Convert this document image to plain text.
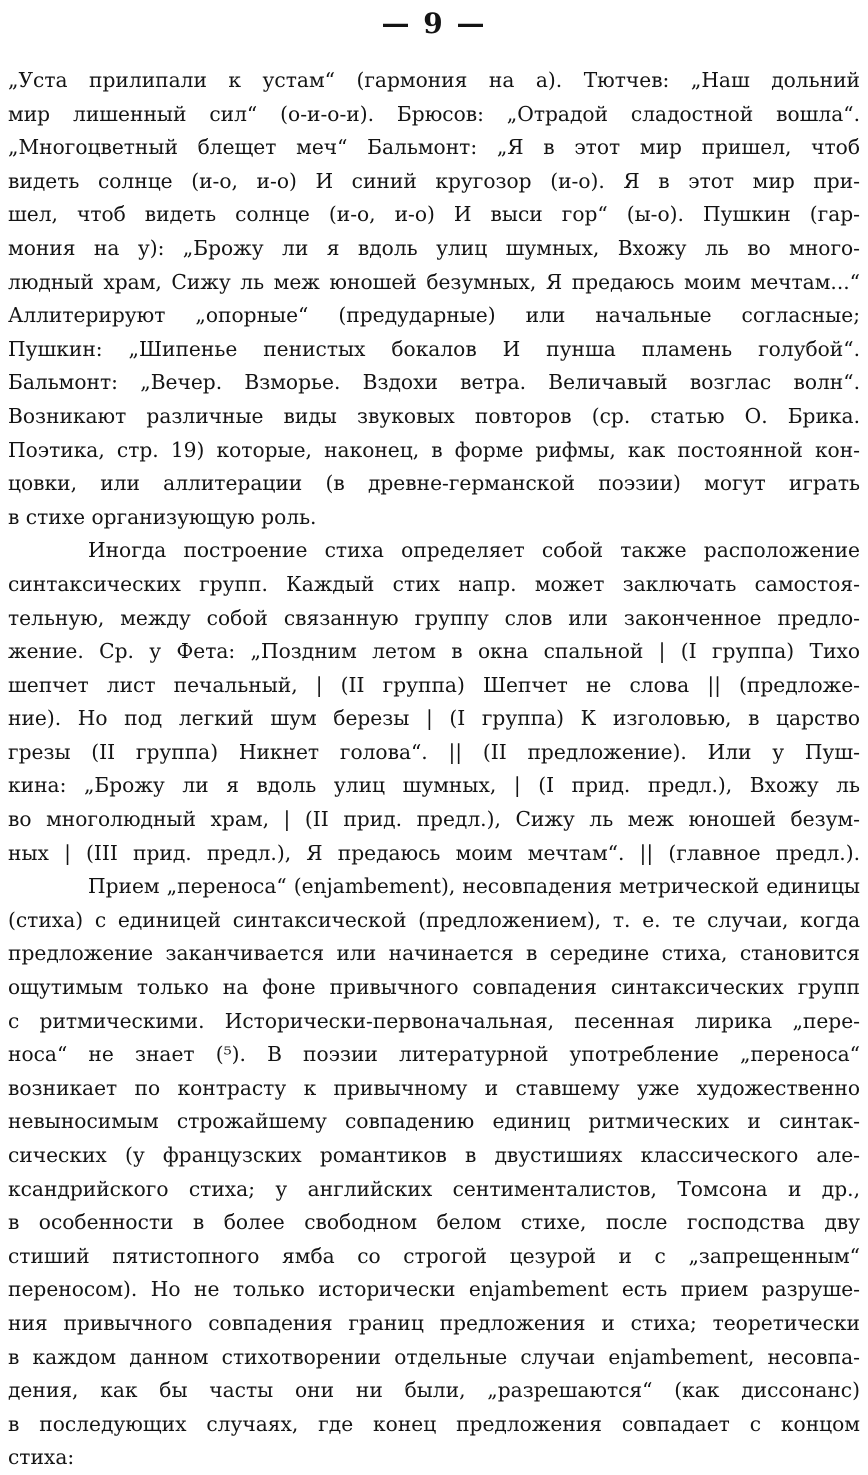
— 9 —
„Уста прилипали к устам“ (гармония на а). Тютчев: „Наш дольний
мир лишенный сил“ (о-и-о-и). Брюсов: „Отрадой сладостной вошла“.
„Многоцветный блещет меч“ Бальмонт: „Я в этот мир пришел, чтоб
видеть солнце (и-о, и-о) И синий кругозор (и-о). Я в этот мир при-
шел, чтоб видеть солнце (и-о, и-о) И выси гор“ (ы-о). Пушкин (гар-
мония на у): „Брожу ли я вдоль улиц шумных, Вхожу ль во много-
людный храм, Сижу ль меж юношей безумных, Я предаюсь моим мечтам...“
Аллитерируют „опорные“ (предударные) или начальные согласные;
Пушкин: „Шипенье пенистых бокалов И пунша пламень голубой“.
Бальмонт: „Вечер. Взморье. Вздохи ветра. Величавый возглас волн“.
Возникают различные виды звуковых повторов (ср. статью О. Брика.
Поэтика, стр. 19) которые, наконец, в форме рифмы, как постоянной кон-
цовки, или аллитерации (в древне-германской поэзии) могут играть
в стихе организующую роль.
Иногда построение стиха определяет собой также расположение
синтаксических групп. Каждый стих напр. может заключать самостоя-
тельную, между собой связанную группу слов или законченное предло-
жение. Ср. у Фета: „Поздним летом в окна спальной | (I группа) Тихо
шепчет лист печальный, | (II группа) Шепчет не слова || (предложе-
ние). Но под легкий шум березы | (I группа) К изголовью, в царство
грезы (II группа) Никнет голова“. || (II предложение). Или у Пуш-
кина: „Брожу ли я вдоль улиц шумных, | (I прид. предл.), Вхожу ль
во многолюдный храм, | (II прид. предл.), Сижу ль меж юношей безум-
ных | (III прид. предл.), Я предаюсь моим мечтам“. || (главное предл.).
Прием „переноса“ (enjambement), несовпадения метрической единицы
(стиха) с единицей синтаксической (предложением), т. е. те случаи, когда
предложение заканчивается или начинается в середине стиха, становится
ощутимым только на фоне привычного совпадения синтаксических групп
с ритмическими. Исторически-первоначальная, песенная лирика „пере-
носа“ не знает (⁵). В поэзии литературной употребление „переноса“
возникает по контрасту к привычному и ставшему уже художественно
невыносимым строжайшему совпадению единиц ритмических и синтак-
сических (у французских романтиков в двустишиях классического але-
ксандрийского стиха; у английских сентименталистов, Томсона и др.,
в особенности в более свободном белом стихе, после господства дву
стиший пятистопного ямба со строгой цезурой и с „запрещенным“
переносом). Но не только исторически enjambement есть прием разруше-
ния привычного совпадения границ предложения и стиха; теоретически
в каждом данном стихотворении отдельные случаи enjambement, несовпа-
дения, как бы часты они ни были, „разрешаются“ (как диссонанс)
в последующих случаях, где конец предложения совпадает с концом
стиха:
